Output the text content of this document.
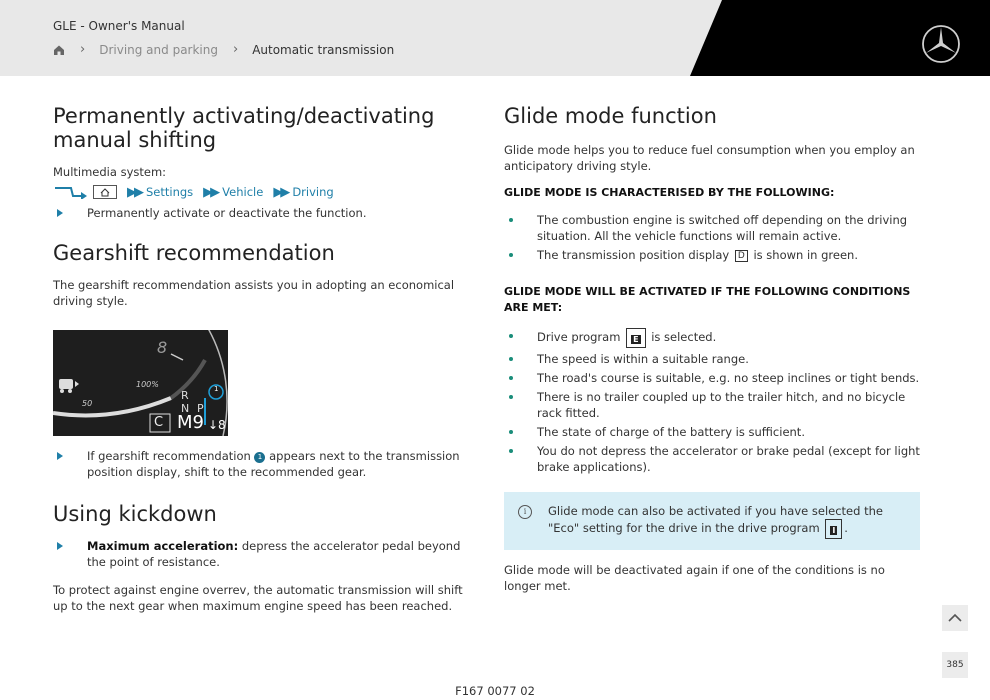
GLE - Owner's Manual
› Driving and parking › Automatic transmission
Permanently activating/deactivating manual shifting

Multimedia system:

▶▶ Settings ▶▶ Vehicle ▶▶ Driving
Permanently activate or deactivate the function.
Gearshift recommendation

The gearshift recommendation assists you in adopting an economical driving style.

8
100%
50
R
N P
C M9 ↓8
1
If gearshift recommendation 1 appears next to the transmission position display, shift to the recommended gear.
Using kickdown
Maximum acceleration: depress the accelerator pedal beyond the point of resistance.

To protect against engine overrev, the automatic transmission will shift up to the next gear when maximum engine speed has been reached.

Glide mode function

Glide mode helps you to reduce fuel consumption when you employ an anticipatory driving style.

GLIDE MODE IS CHARACTERISED BY THE FOLLOWING:
The combustion engine is switched off depending on the driving situation. All the vehicle functions will remain active.
The transmission position display D is shown in green.
GLIDE MODE WILL BE ACTIVATED IF THE FOLLOWING CONDITIONS ARE MET:
Drive program E is selected.
The speed is within a suitable range.
The road's course is suitable, e.g. no steep inclines or tight bends.
There is no trailer coupled up to the trailer hitch, and no bicycle rack fitted.
The state of charge of the battery is sufficient.
You do not depress the accelerator or brake pedal (except for light brake applications).
i	Glide mode can also be activated if you have selected the "Eco" setting for the drive in the drive program I .

Glide mode will be deactivated again if one of the conditions is no longer met.

385
F167 0077 02
